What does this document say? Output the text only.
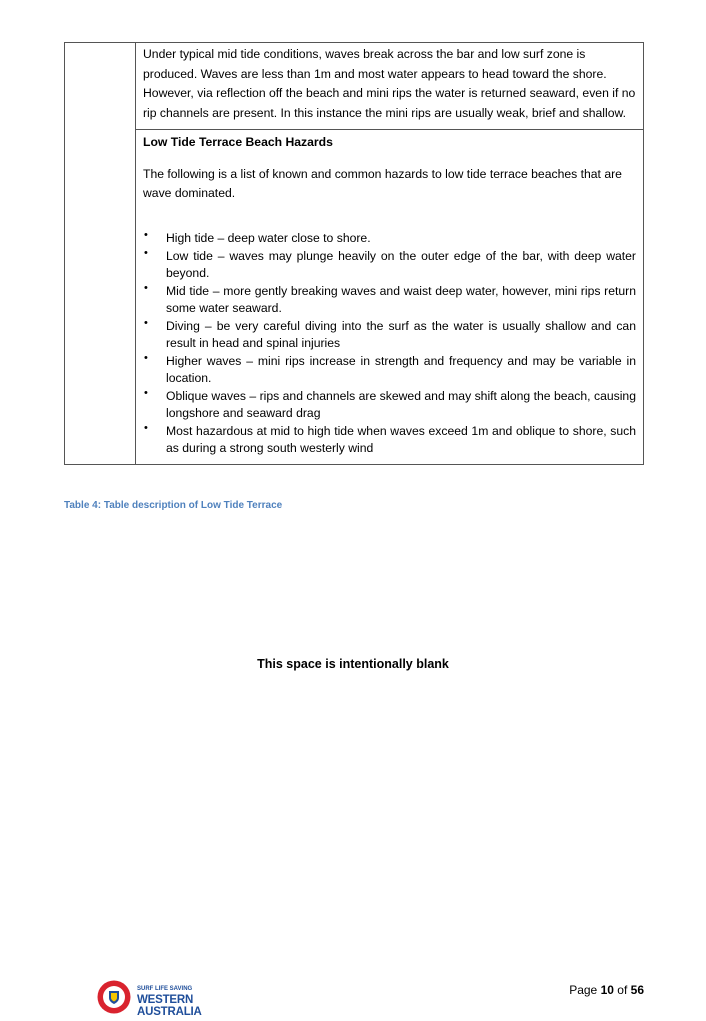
Under typical mid tide conditions, waves break across the bar and low surf zone is produced. Waves are less than 1m and most water appears to head toward the shore. However, via reflection off the beach and mini rips the water is returned seaward, even if no rip channels are present. In this instance the mini rips are usually weak, brief and shallow.

Low Tide Terrace Beach Hazards

The following is a list of known and common hazards to low tide terrace beaches that are wave dominated.

• High tide – deep water close to shore.
• Low tide – waves may plunge heavily on the outer edge of the bar, with deep water beyond.
• Mid tide – more gently breaking waves and waist deep water, however, mini rips return some water seaward.
• Diving – be very careful diving into the surf as the water is usually shallow and can result in head and spinal injuries
• Higher waves – mini rips increase in strength and frequency and may be variable in location.
• Oblique waves – rips and channels are skewed and may shift along the beach, causing longshore and seaward drag
• Most hazardous at mid to high tide when waves exceed 1m and oblique to shore, such as during a strong south westerly wind
Table 4: Table description of Low Tide Terrace
This space is intentionally blank
SURF LIFE SAVING
WESTERN AUSTRALIA
Page 10 of 56
